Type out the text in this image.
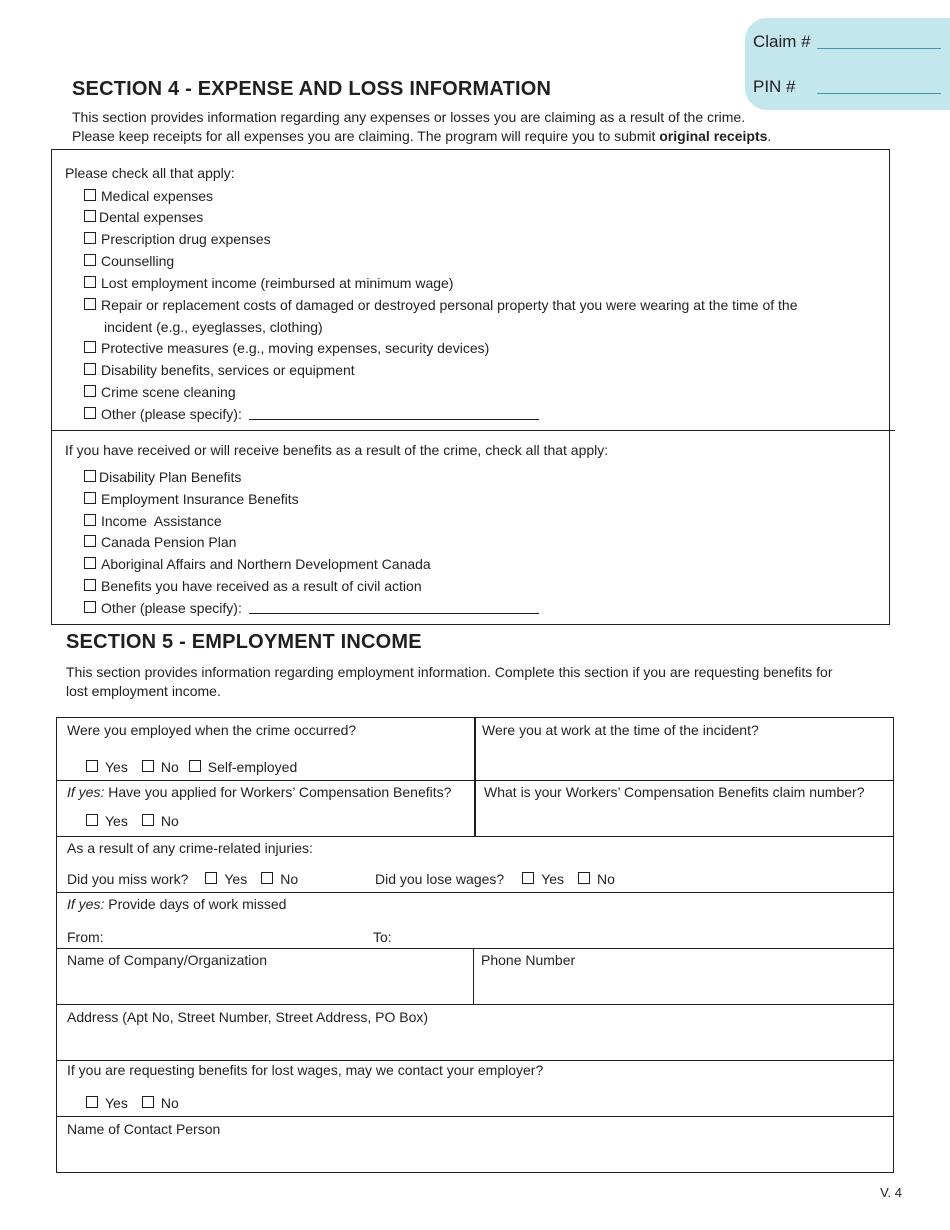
Claim #
PIN #
SECTION 4 - EXPENSE AND LOSS INFORMATION
This section provides information regarding any expenses or losses you are claiming as a result of the crime.
Please keep receipts for all expenses you are claiming. The program will require you to submit original receipts.
Please check all that apply:
Medical expenses
Dental expenses
Prescription drug expenses
Counselling
Lost employment income (reimbursed at minimum wage)
Repair or replacement costs of damaged or destroyed personal property that you were wearing at the time of the
incident (e.g., eyeglasses, clothing)
Protective measures (e.g., moving expenses, security devices)
Disability benefits, services or equipment
Crime scene cleaning
Other (please specify):
If you have received or will receive benefits as a result of the crime, check all that apply:
Disability Plan Benefits
Employment Insurance Benefits
Income  Assistance
Canada Pension Plan
Aboriginal Affairs and Northern Development Canada
Benefits you have received as a result of civil action
Other (please specify):
SECTION 5 - EMPLOYMENT INCOME
This section provides information regarding employment information. Complete this section if you are requesting benefits for
lost employment income.
Were you employed when the crime occurred?
Yes No Self-employed
Were you at work at the time of the incident?
If yes: Have you applied for Workers’ Compensation Benefits?
Yes No
What is your Workers’ Compensation Benefits claim number?
As a result of any crime-related injuries:
Did you miss work?	Yes No	Did you lose wages?	Yes No
If yes: Provide days of work missed
From:	To:
Name of Company/Organization	Phone Number
Address (Apt No, Street Number, Street Address, PO Box)
If you are requesting benefits for lost wages, may we contact your employer?
Yes No
Name of Contact Person
V. 4
